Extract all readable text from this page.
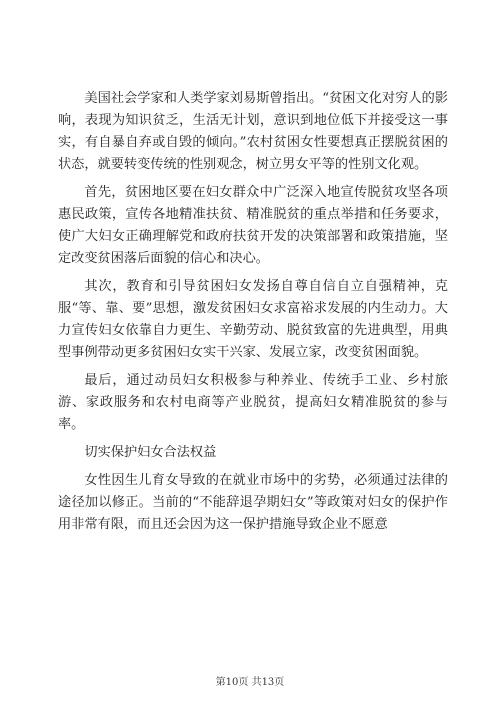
美国社会学家和人类学家刘易斯曾指出。“贫困文化对穷人的影响，表现为知识贫乏，生活无计划，意识到地位低下并接受这一事实，有自暴自弃或自毁的倾向。”农村贫困女性要想真正摆脱贫困的状态，就要转变传统的性别观念，树立男女平等的性别文化观。

首先，贫困地区要在妇女群众中广泛深入地宣传脱贫攻坚各项惠民政策，宣传各地精准扶贫、精准脱贫的重点举措和任务要求，使广大妇女正确理解党和政府扶贫开发的决策部署和政策措施，坚定改变贫困落后面貌的信心和决心。

其次，教育和引导贫困妇女发扬自尊自信自立自强精神，克服“等、靠、要”思想，激发贫困妇女求富裕求发展的内生动力。大力宣传妇女依靠自力更生、辛勤劳动、脱贫致富的先进典型，用典型事例带动更多贫困妇女实干兴家、发展立家，改变贫困面貌。

最后，通过动员妇女积极参与种养业、传统手工业、乡村旅游、家政服务和农村电商等产业脱贫，提高妇女精准脱贫的参与率。

切实保护妇女合法权益

女性因生儿育女导致的在就业市场中的劣势，必须通过法律的途径加以修正。当前的“不能辞退孕期妇女”等政策对妇女的保护作用非常有限，而且还会因为这一保护措施导致企业不愿意

第10页 共13页
